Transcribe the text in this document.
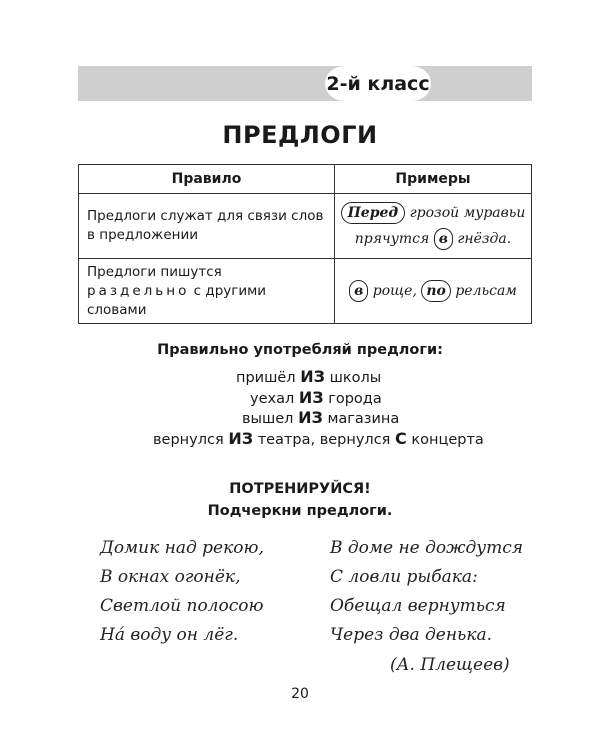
2-й класс
ПРЕДЛОГИ
Правило	Примеры
Предлоги служат для связи слов в предложении	Перед грозой муравьи
прячутся в гнёзда.

Предлоги пишутся раздельно с другими словами	в роще, по рельсам
Правильно употребляй предлоги:
пришёл ИЗ школы
уехал ИЗ города
вышел ИЗ магазина
вернулся ИЗ театра, вернулся С концерта
ПОТРЕНИРУЙСЯ!
Подчеркни предлоги.
Домик над рекою,
В окнах огонёк,
Светлой полосою
На́ воду он лёг.
В доме не дождутся
С ловли рыбака:
Обещал вернуться
Через два денька.
(А. Плещеев)
20
